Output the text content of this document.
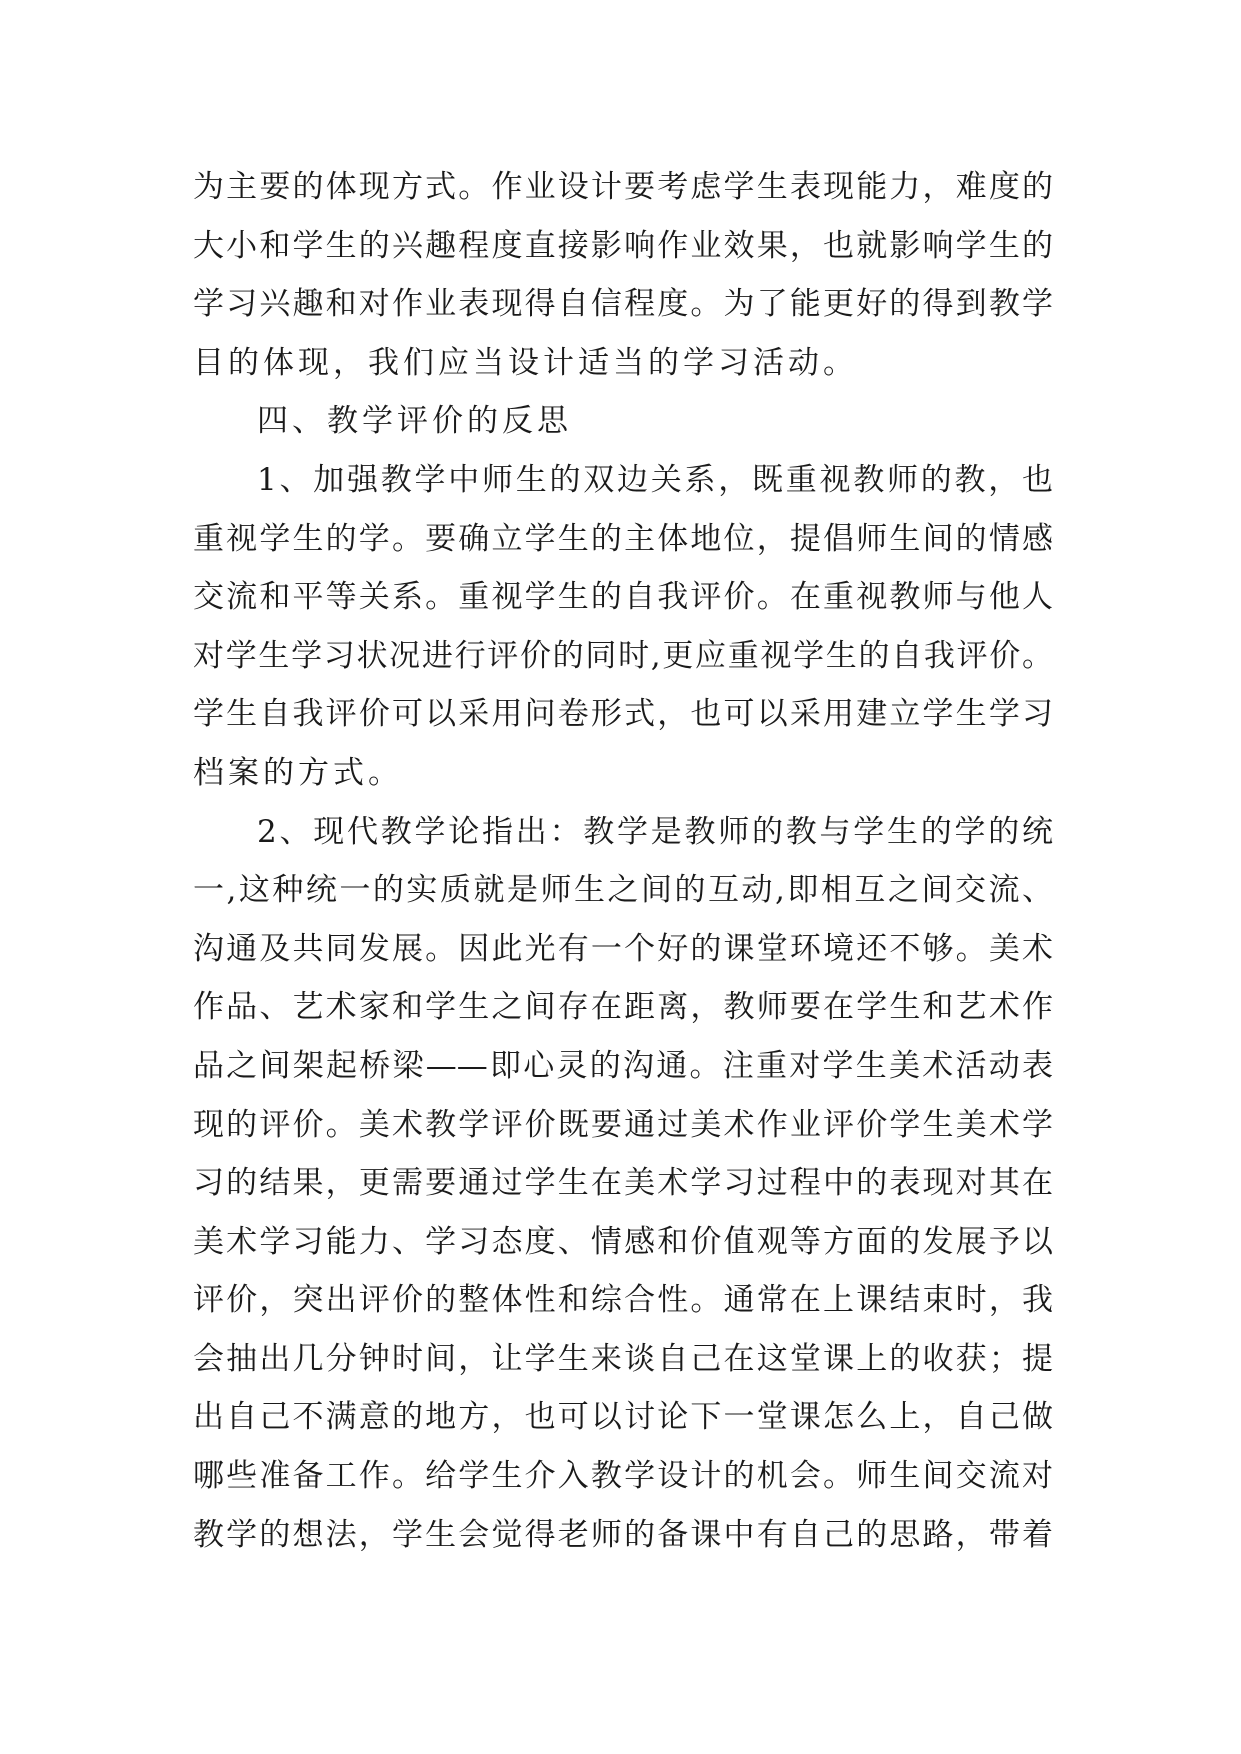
为主要的体现方式。作业设计要考虑学生表现能力，难度的
大小和学生的兴趣程度直接影响作业效果，也就影响学生的
学习兴趣和对作业表现得自信程度。为了能更好的得到教学
目的体现，我们应当设计适当的学习活动。
四、教学评价的反思
1、加强教学中师生的双边关系，既重视教师的教，也
重视学生的学。要确立学生的主体地位，提倡师生间的情感
交流和平等关系。重视学生的自我评价。在重视教师与他人
对学生学习状况进行评价的同时,更应重视学生的自我评价。
学生自我评价可以采用问卷形式，也可以采用建立学生学习
档案的方式。
2、现代教学论指出：教学是教师的教与学生的学的统
一,这种统一的实质就是师生之间的互动,即相互之间交流、
沟通及共同发展。因此光有一个好的课堂环境还不够。美术
作品、艺术家和学生之间存在距离，教师要在学生和艺术作
品之间架起桥梁——即心灵的沟通。注重对学生美术活动表
现的评价。美术教学评价既要通过美术作业评价学生美术学
习的结果，更需要通过学生在美术学习过程中的表现对其在
美术学习能力、学习态度、情感和价值观等方面的发展予以
评价，突出评价的整体性和综合性。通常在上课结束时，我
会抽出几分钟时间，让学生来谈自己在这堂课上的收获；提
出自己不满意的地方，也可以讨论下一堂课怎么上，自己做
哪些准备工作。给学生介入教学设计的机会。师生间交流对
教学的想法，学生会觉得老师的备课中有自己的思路，带着
